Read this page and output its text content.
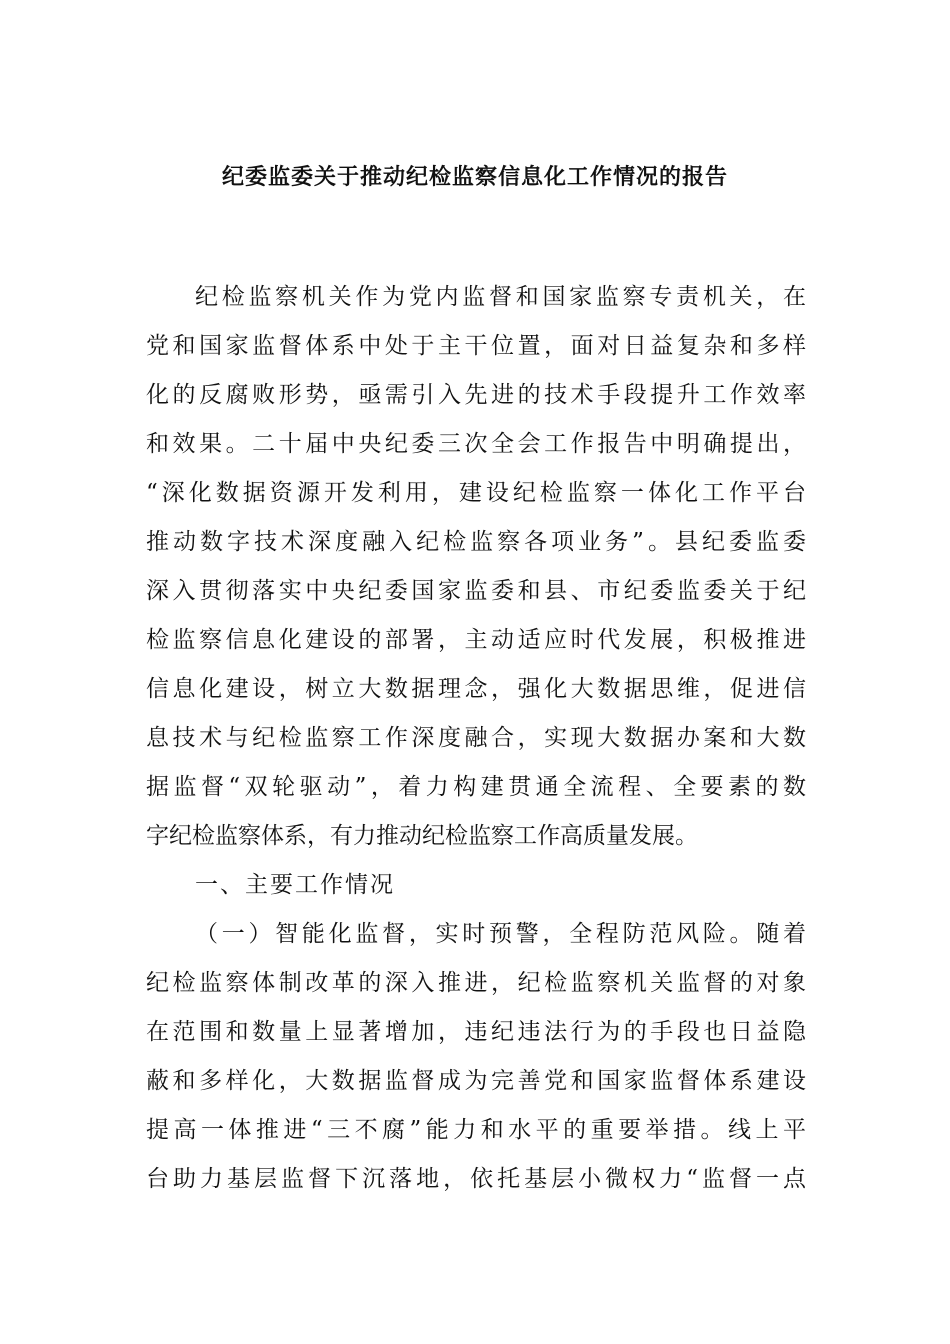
纪委监委关于推动纪检监察信息化工作情况的报告
纪检监察机关作为党内监督和国家监察专责机关，在
党和国家监督体系中处于主干位置，面对日益复杂和多样
化的反腐败形势，亟需引入先进的技术手段提升工作效率
和效果。二十届中央纪委三次全会工作报告中明确提出，
“深化数据资源开发利用，建设纪检监察一体化工作平台
推动数字技术深度融入纪检监察各项业务”。县纪委监委
深入贯彻落实中央纪委国家监委和县、市纪委监委关于纪
检监察信息化建设的部署，主动适应时代发展，积极推进
信息化建设，树立大数据理念，强化大数据思维，促进信
息技术与纪检监察工作深度融合，实现大数据办案和大数
据监督“双轮驱动”，着力构建贯通全流程、全要素的数
字纪检监察体系，有力推动纪检监察工作高质量发展。
一、主要工作情况
（一）智能化监督，实时预警，全程防范风险。随着
纪检监察体制改革的深入推进，纪检监察机关监督的对象
在范围和数量上显著增加，违纪违法行为的手段也日益隐
蔽和多样化，大数据监督成为完善党和国家监督体系建设
提高一体推进“三不腐”能力和水平的重要举措。线上平
台助力基层监督下沉落地，依托基层小微权力“监督一点
